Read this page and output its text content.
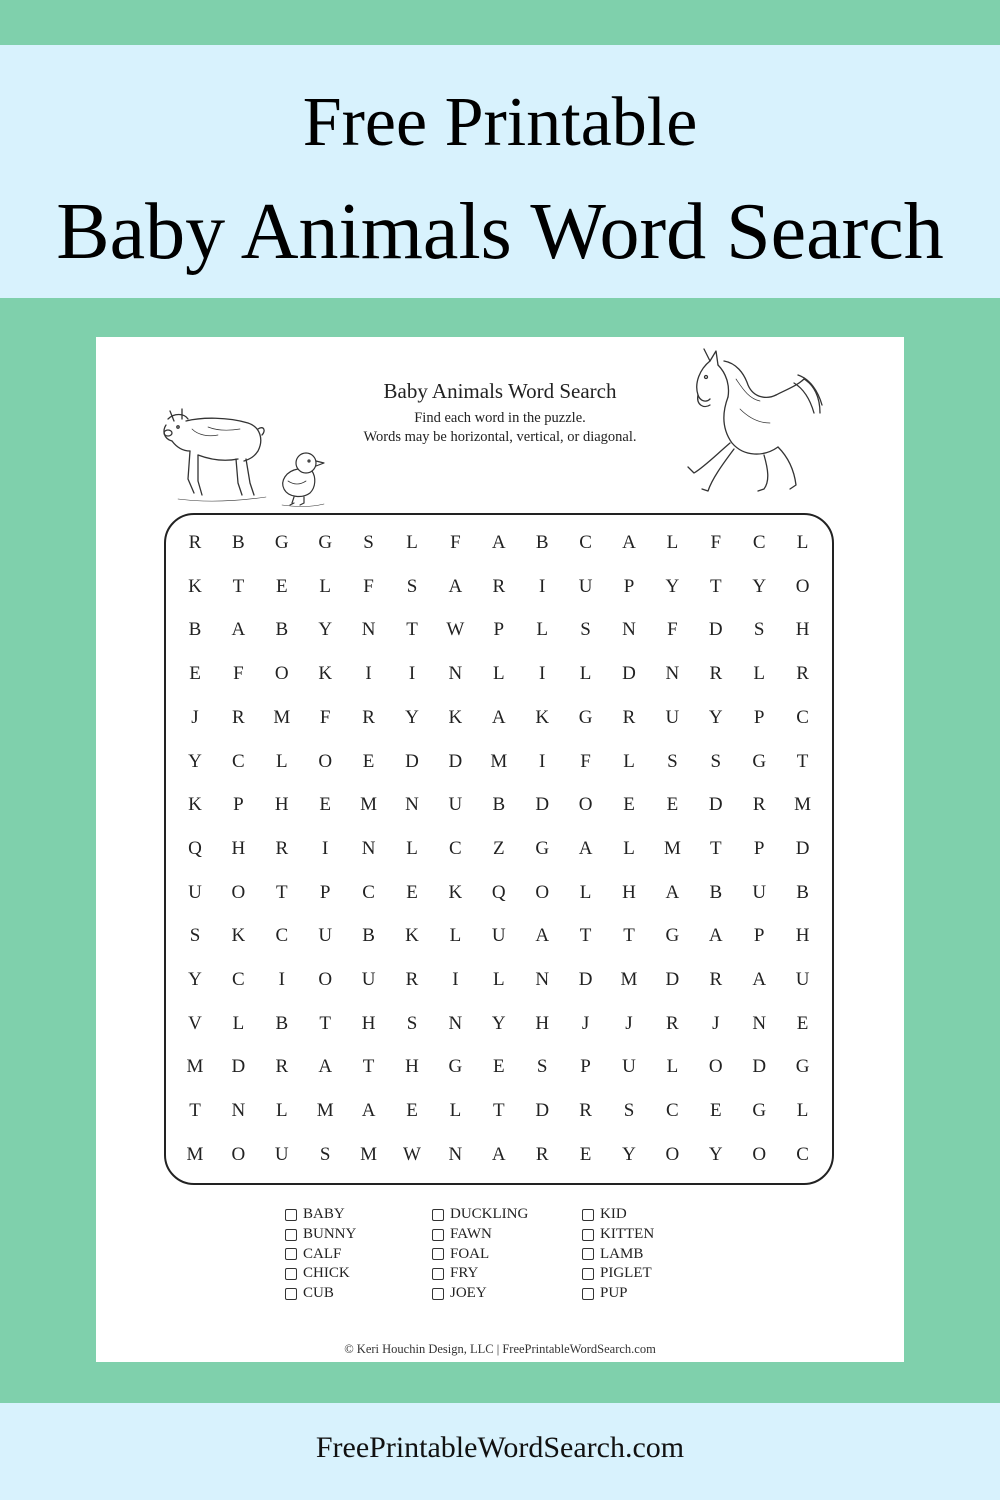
Free Printable
Baby Animals Word Search
Baby Animals Word Search
Find each word in the puzzle.
Words may be horizontal, vertical, or diagonal.
R	B	G	G	S	L	F	A	B	C	A	L	F	C	L
K	T	E	L	F	S	A	R	I	U	P	Y	T	Y	O
B	A	B	Y	N	T	W	P	L	S	N	F	D	S	H
E	F	O	K	I	I	N	L	I	L	D	N	R	L	R
J	R	M	F	R	Y	K	A	K	G	R	U	Y	P	C
Y	C	L	O	E	D	D	M	I	F	L	S	S	G	T
K	P	H	E	M	N	U	B	D	O	E	E	D	R	M
Q	H	R	I	N	L	C	Z	G	A	L	M	T	P	D
U	O	T	P	C	E	K	Q	O	L	H	A	B	U	B
S	K	C	U	B	K	L	U	A	T	T	G	A	P	H
Y	C	I	O	U	R	I	L	N	D	M	D	R	A	U
V	L	B	T	H	S	N	Y	H	J	J	R	J	N	E
M	D	R	A	T	H	G	E	S	P	U	L	O	D	G
T	N	L	M	A	E	L	T	D	R	S	C	E	G	L
M	O	U	S	M	W	N	A	R	E	Y	O	Y	O	C
BABY
BUNNY
CALF
CHICK
CUB
DUCKLING
FAWN
FOAL
FRY
JOEY
KID
KITTEN
LAMB
PIGLET
PUP
© Keri Houchin Design, LLC | FreePrintableWordSearch.com
FreePrintableWordSearch.com
